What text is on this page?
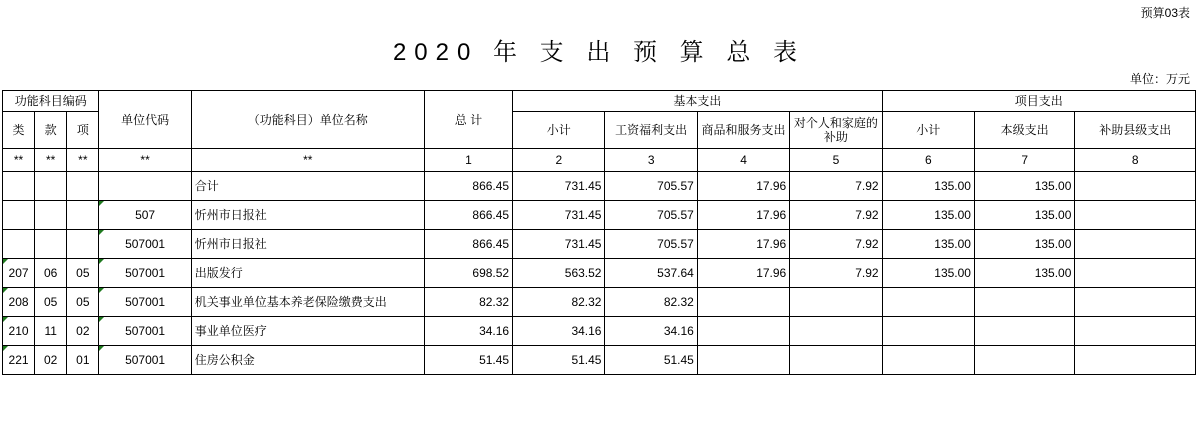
预算03表
2020 年 支 出 预 算 总 表
单位：万元
功能科目编码			单位代码	（功能科目）单位名称	总 计	基本支出				项目支出		
类	款	项				小计	工资福利支出	商品和服务支出	对个人和家庭的补助	小计	本级支出	补助县级支出
**	**	**	**	**	1	2	3	4	5	6	7	8
				合计	866.45	731.45	705.57	17.96	7.92	135.00	135.00	
			507	忻州市日报社	866.45	731.45	705.57	17.96	7.92	135.00	135.00	
			507001	忻州市日报社	866.45	731.45	705.57	17.96	7.92	135.00	135.00	
207	06	05	507001	出版发行	698.52	563.52	537.64	17.96	7.92	135.00	135.00	
208	05	05	507001	机关事业单位基本养老保险缴费支出	82.32	82.32	82.32					
210	11	02	507001	事业单位医疗	34.16	34.16	34.16					
221	02	01	507001	住房公积金	51.45	51.45	51.45					
